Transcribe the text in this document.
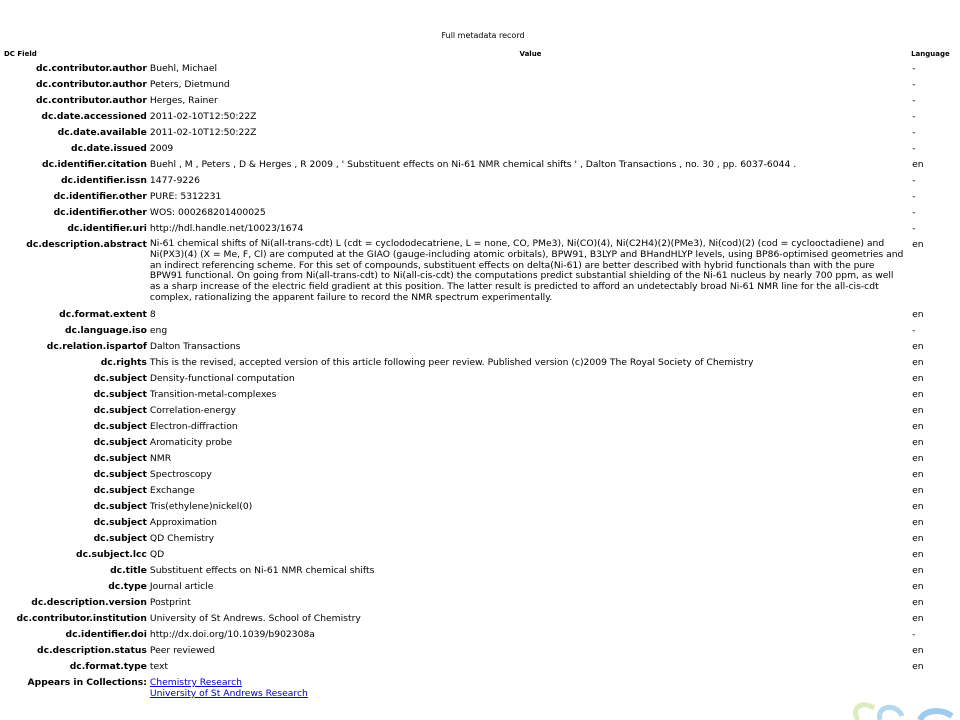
Full metadata record
DC Field	Value	Language
dc.contributor.author	Buehl, Michael	-
dc.contributor.author	Peters, Dietmund	-
dc.contributor.author	Herges, Rainer	-
dc.date.accessioned	2011-02-10T12:50:22Z	-
dc.date.available	2011-02-10T12:50:22Z	-
dc.date.issued	2009	-
dc.identifier.citation	Buehl , M , Peters , D & Herges , R 2009 , ' Substituent effects on Ni-61 NMR chemical shifts ' , Dalton Transactions , no. 30 , pp. 6037-6044 .	en
dc.identifier.issn	1477-9226	-
dc.identifier.other	PURE: 5312231	-
dc.identifier.other	WOS: 000268201400025	-
dc.identifier.uri	http://hdl.handle.net/10023/1674	-
dc.description.abstract	Ni-61 chemical shifts of Ni(all-trans-cdt) L (cdt = cyclododecatriene, L = none, CO, PMe3), Ni(CO)(4), Ni(C2H4)(2)(PMe3), Ni(cod)(2) (cod = cyclooctadiene) and Ni(PX3)(4) (X = Me, F, Cl) are computed at the GIAO (gauge-including atomic orbitals), BPW91, B3LYP and BHandHLYP levels, using BP86-optimised geometries and an indirect referencing scheme. For this set of compounds, substituent effects on delta(Ni-61) are better described with hybrid functionals than with the pure BPW91 functional. On going from Ni(all-trans-cdt) to Ni(all-cis-cdt) the computations predict substantial shielding of the Ni-61 nucleus by nearly 700 ppm, as well as a sharp increase of the electric field gradient at this position. The latter result is predicted to afford an undetectably broad Ni-61 NMR line for the all-cis-cdt complex, rationalizing the apparent failure to record the NMR spectrum experimentally.	en
dc.format.extent	8	en
dc.language.iso	eng	-
dc.relation.ispartof	Dalton Transactions	en
dc.rights	This is the revised, accepted version of this article following peer review. Published version (c)2009 The Royal Society of Chemistry	en
dc.subject	Density-functional computation	en
dc.subject	Transition-metal-complexes	en
dc.subject	Correlation-energy	en
dc.subject	Electron-diffraction	en
dc.subject	Aromaticity probe	en
dc.subject	NMR	en
dc.subject	Spectroscopy	en
dc.subject	Exchange	en
dc.subject	Tris(ethylene)nickel(0)	en
dc.subject	Approximation	en
dc.subject	QD Chemistry	en
dc.subject.lcc	QD	en
dc.title	Substituent effects on Ni-61 NMR chemical shifts	en
dc.type	Journal article	en
dc.description.version	Postprint	en
dc.contributor.institution	University of St Andrews. School of Chemistry	en
dc.identifier.doi	http://dx.doi.org/10.1039/b902308a	-
dc.description.status	Peer reviewed	en
dc.format.type	text	en
Appears in Collections:	Chemistry Research
University of St Andrews Research	
